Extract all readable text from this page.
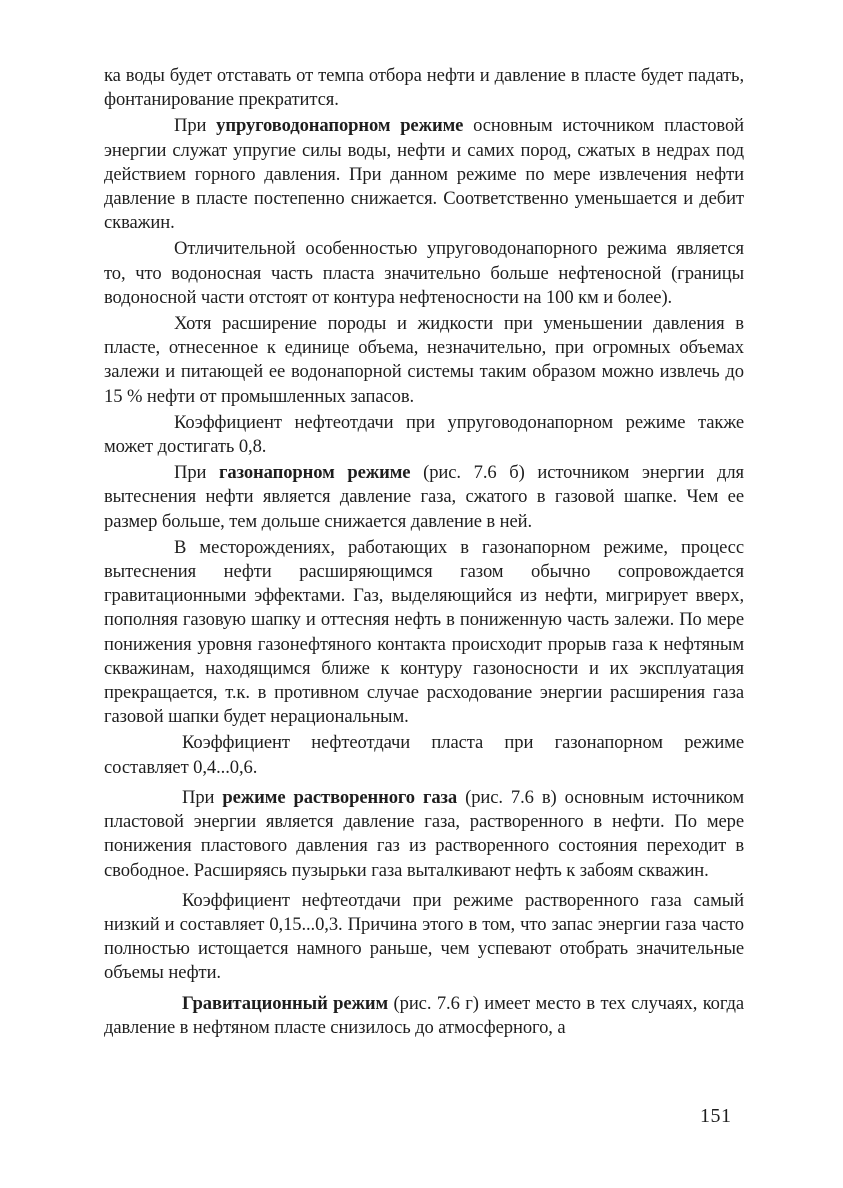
ка воды будет отставать от темпа отбора нефти и давление в пласте будет падать, фонтанирование прекратится.

При упруговодонапорном режиме основным источником пластовой энергии служат упругие силы воды, нефти и самих пород, сжатых в недрах под действием горного давления. При данном режиме по мере извлечения нефти давление в пласте постепенно снижается. Соответственно уменьшается и дебит скважин.

Отличительной особенностью упруговодонапорного режима является то, что водоносная часть пласта значительно больше нефтеносной (границы водоносной части отстоят от контура нефтеносности на 100 км и более).

Хотя расширение породы и жидкости при уменьшении давления в пласте, отнесенное к единице объема, незначительно, при огромных объемах залежи и питающей ее водонапорной системы таким образом можно извлечь до 15 % нефти от промышленных запасов.

Коэффициент нефтеотдачи при упруговодонапорном режиме также может достигать 0,8.

При газонапорном режиме (рис. 7.6 б) источником энергии для вытеснения нефти является давление газа, сжатого в газовой шапке. Чем ее размер больше, тем дольше снижается давление в ней.

В месторождениях, работающих в газонапорном режиме, процесс вытеснения нефти расширяющимся газом обычно сопровождается гравитационными эффектами. Газ, выделяющийся из нефти, мигрирует вверх, пополняя газовую шапку и оттесняя нефть в пониженную часть залежи. По мере понижения уровня газонефтяного контакта происходит прорыв газа к нефтяным скважинам, находящимся ближе к контуру газоносности и их эксплуатация прекращается, т.к. в противном случае расходование энергии расширения газа газовой шапки будет нерациональным.

Коэффициент нефтеотдачи пласта при газонапорном режиме составляет 0,4...0,6.

При режиме растворенного газа (рис. 7.6 в) основным источником пластовой энергии является давление газа, растворенного в нефти. По мере понижения пластового давления газ из растворенного состояния переходит в свободное. Расширяясь пузырьки газа выталкивают нефть к забоям скважин.

Коэффициент нефтеотдачи при режиме растворенного газа самый низкий и составляет 0,15...0,3. Причина этого в том, что запас энергии газа часто полностью истощается намного раньше, чем успевают отобрать значительные объемы нефти.

Гравитационный режим (рис. 7.6 г) имеет место в тех случаях, когда давление в нефтяном пласте снизилось до атмосферного, а

151
